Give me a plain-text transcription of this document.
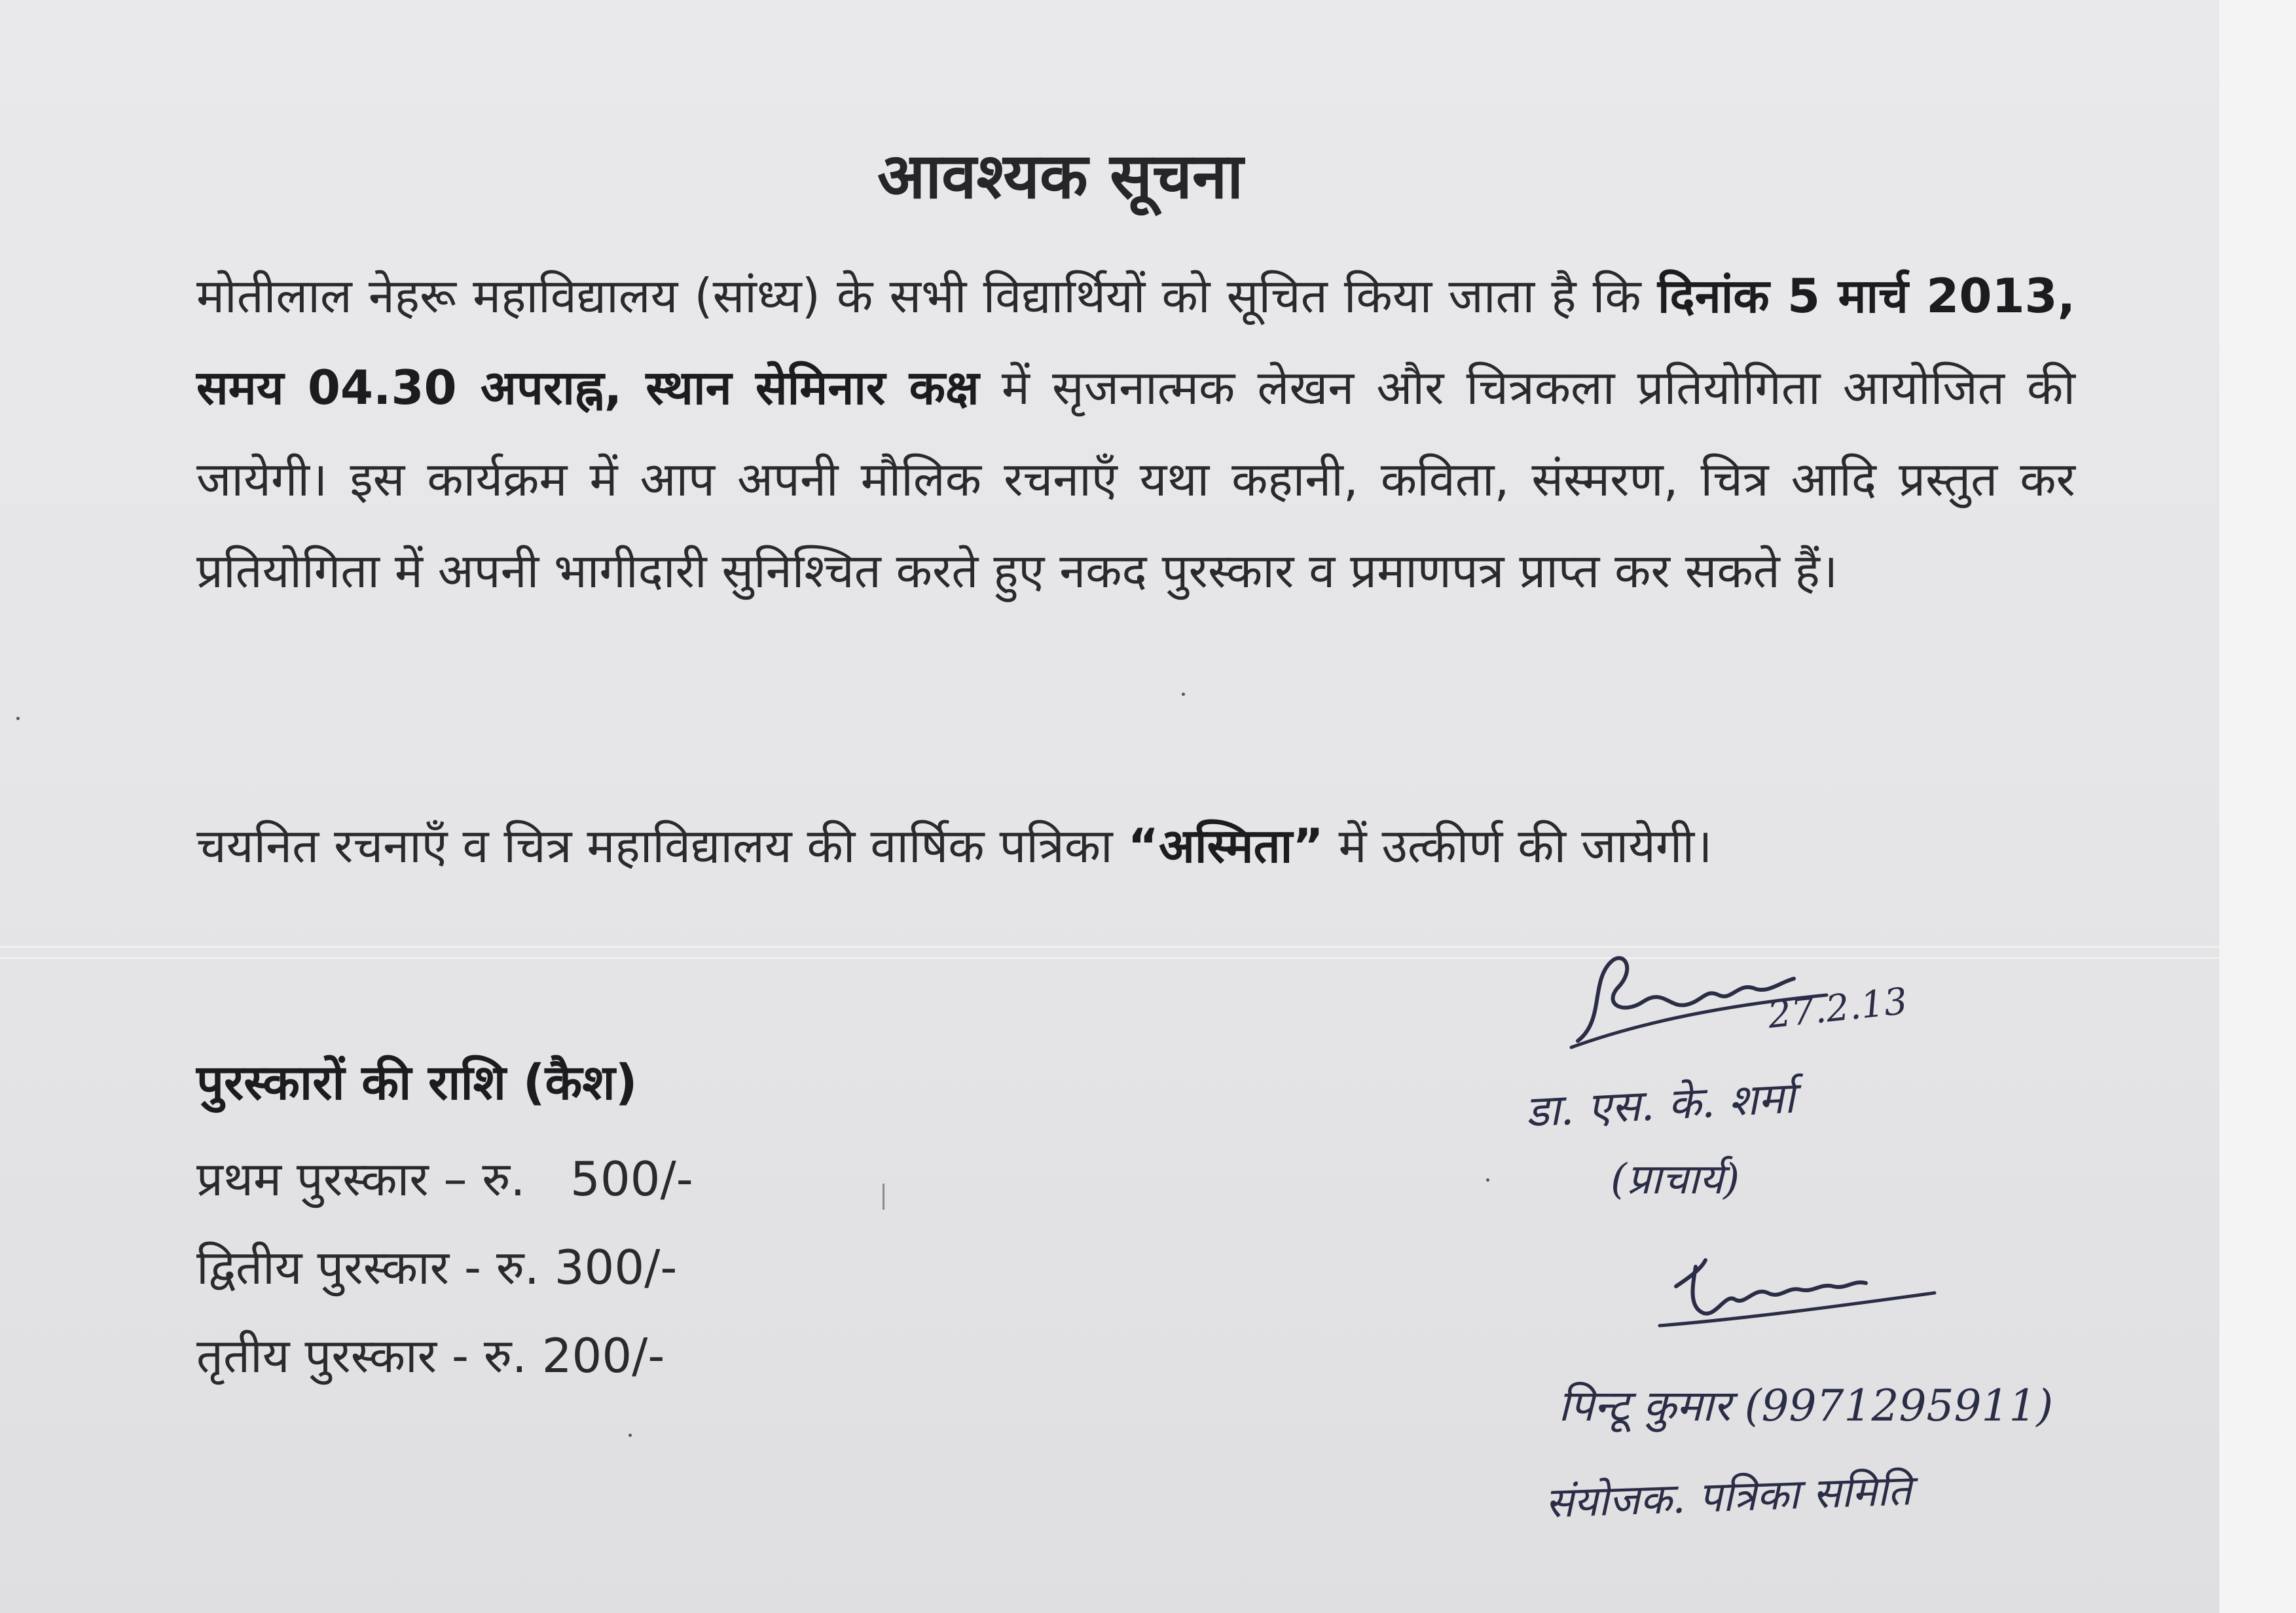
आवश्यक सूचना
मोतीलाल नेहरू महाविद्यालय (सांध्य) के सभी विद्यार्थियों को सूचित किया जाता है कि दिनांक 5 मार्च 2013, समय 04.30 अपराह्न, स्थान सेमिनार कक्ष में सृजनात्मक लेखन और चित्रकला प्रतियोगिता आयोजित की जायेगी। इस कार्यक्रम में आप अपनी मौलिक रचनाएँ यथा कहानी, कविता, संस्मरण, चित्र आदि प्रस्तुत कर प्रतियोगिता में अपनी भागीदारी सुनिश्चित करते हुए नकद पुरस्कार व प्रमाणपत्र प्राप्त कर सकते हैं।
चयनित रचनाएँ व चित्र महाविद्यालय की वार्षिक पत्रिका “अस्मिता” में उत्कीर्ण की जायेगी।
पुरस्कारों की राशि (कैश)
प्रथम पुरस्कार – रु.   500/-
द्वितीय पुरस्कार - रु. 300/-
तृतीय पुरस्कार - रु. 200/-
27.2.13
डा. एस. के. शर्मा
(प्राचार्य)
पिन्टू कुमार (9971295911)
संयोजक. पत्रिका समिति
